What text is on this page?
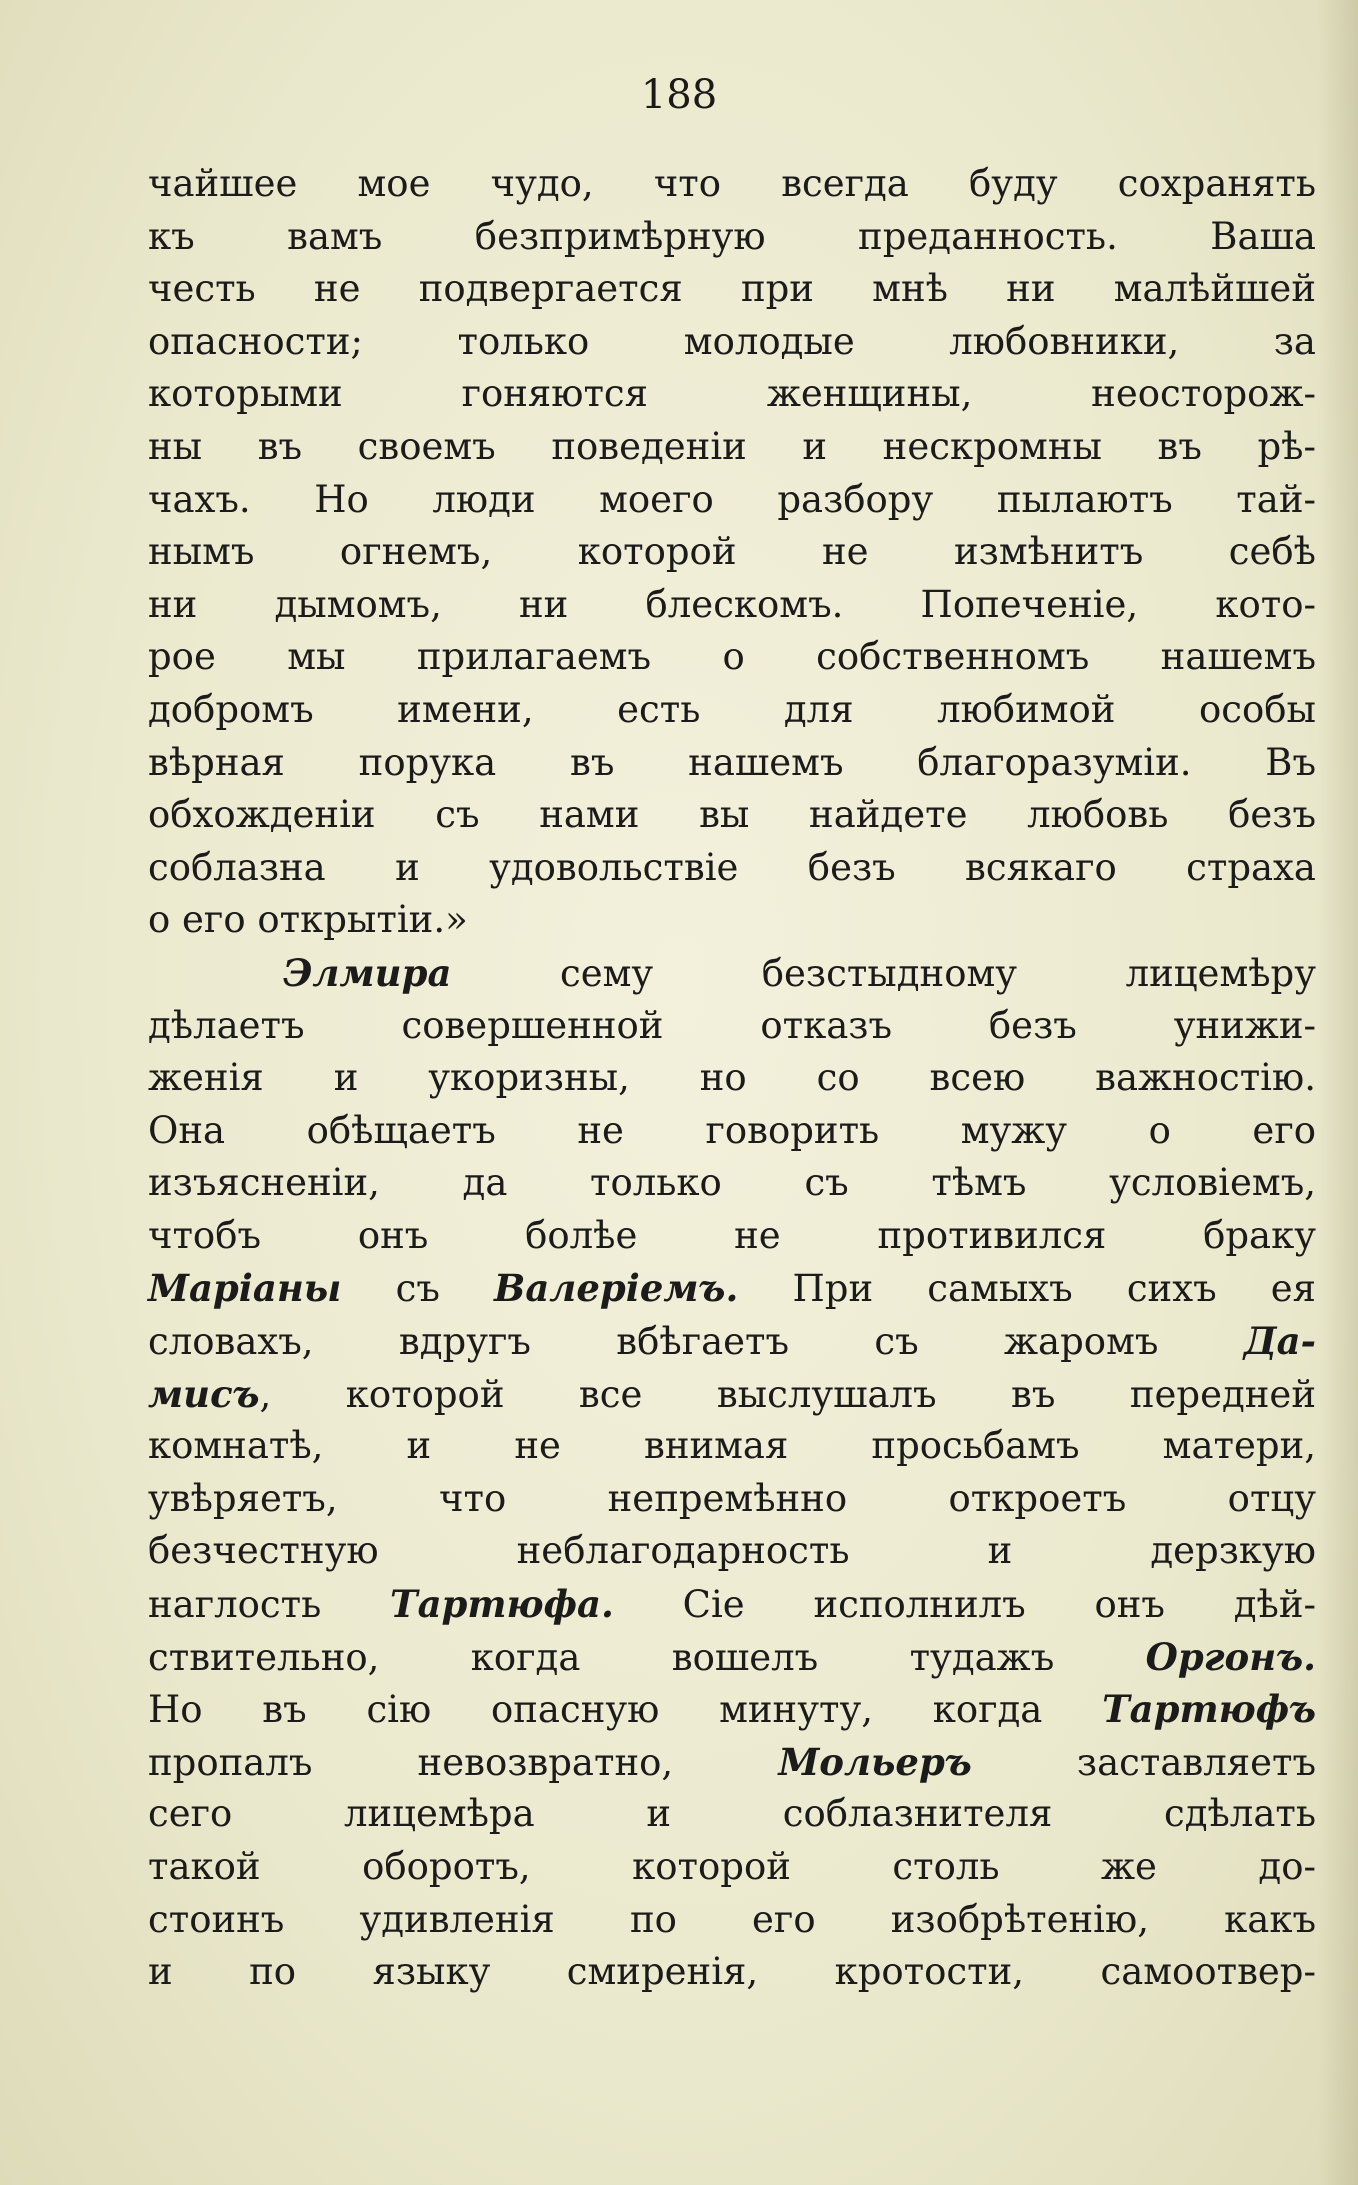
188
чайшее мое чудо, что всегда буду сохранять
къ вамъ безпримѣрную преданность. Ваша
честь не подвергается при мнѣ ни малѣйшей
опасности; только молодые любовники, за
которыми гоняются женщины, неосторож-
ны въ своемъ поведеніи и нескромны въ рѣ-
чахъ. Но люди моего разбору пылаютъ тай-
нымъ огнемъ, которой не измѣнитъ себѣ
ни дымомъ, ни блескомъ. Попеченіе, кото-
рое мы прилагаемъ о собственномъ нашемъ
добромъ имени, есть для любимой особы
вѣрная порука въ нашемъ благоразуміи. Въ
обхожденіи съ нами вы найдете любовь безъ
соблазна и удовольствіе безъ всякаго страха
о его открытіи.»
Элмира	сему безстыдному лицемѣру
дѣлаетъ совершенной отказъ безъ унижи-
женія и укоризны, но со всею важностію.
Она обѣщаетъ не говорить мужу о его
изъясненіи, да только съ тѣмъ условіемъ,
чтобъ онъ болѣе не противился браку
Маріаны съ Валеріемъ. При самыхъ сихъ ея
словахъ, вдругъ вбѣгаетъ съ жаромъ Да-
мисъ, которой все выслушалъ въ передней
комнатѣ, и не внимая просьбамъ матери,
увѣряетъ, что непремѣнно откроетъ отцу
безчестную неблагодарность и дерзкую
наглость Тартюфа. Сіе исполнилъ онъ дѣй-
ствительно, когда вошелъ тудажъ Оргонъ.
Но въ сію опасную минуту, когда Тартюфъ
пропалъ невозвратно,	Мольеръ	заставляетъ
сего лицемѣра и соблазнителя сдѣлать
такой оборотъ, которой столь же до-
стоинъ удивленія по его изобрѣтенію, какъ
и по языку смиренія, кротости, самоотвер-
